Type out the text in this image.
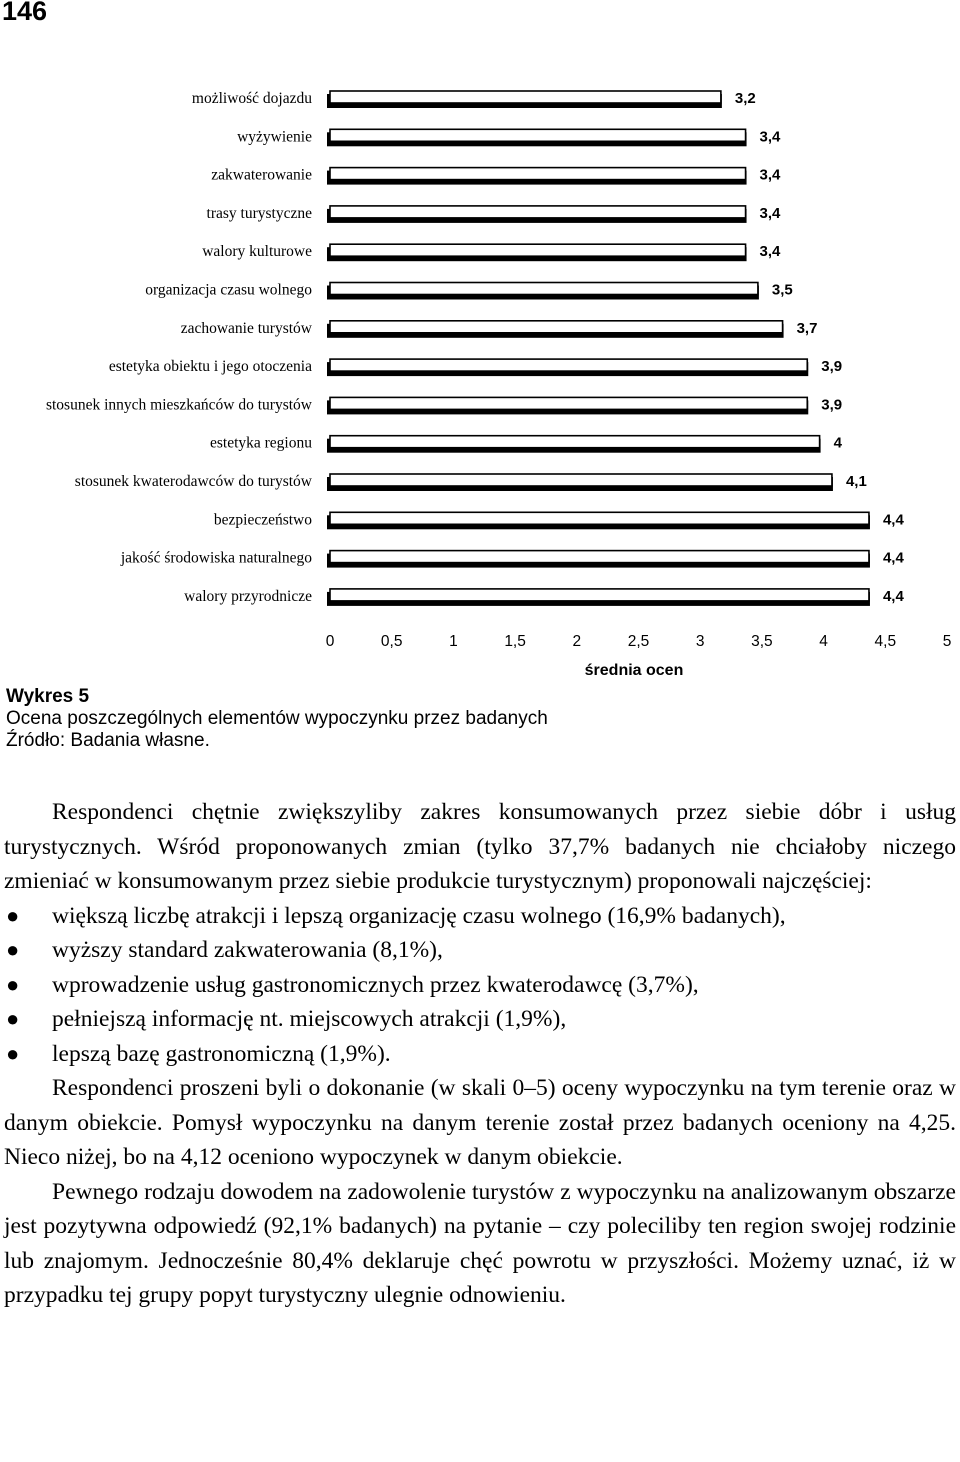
146
możliwość dojazdu
wyżywienie
zakwaterowanie
trasy turystyczne
walory kulturowe
organizacja czasu wolnego
zachowanie turystów
estetyka obiektu i jego otoczenia
stosunek innych mieszkańców do turystów
estetyka regionu
stosunek kwaterodawców do turystów
bezpieczeństwo
jakość środowiska naturalnego
walory przyrodnicze
3,2
3,4
3,4
3,4
3,4
3,5
3,7
3,9
3,9
4
4,1
4,4
4,4
4,4
0	0,5	1	1,5	2	2,5	3	3,5	4	4,5	5
średnia ocen
Wykres 5
Ocena poszczególnych elementów wypoczynku przez badanych
Źródło: Badania własne.

Respondenci chętnie zwiększyliby zakres konsumowanych przez siebie dóbr i usług turystycznych. Wśród proponowanych zmian (tylko 37,7% badanych nie chciałoby niczego zmieniać w konsumowanym przez siebie produkcie turystycznym) proponowali najczęściej:

● większą liczbę atrakcji i lepszą organizację czasu wolnego (16,9% badanych),
● wyższy standard zakwaterowania (8,1%),
● wprowadzenie usług gastronomicznych przez kwaterodawcę (3,7%),
● pełniejszą informację nt. miejscowych atrakcji (1,9%),
● lepszą bazę gastronomiczną (1,9%).

Respondenci proszeni byli o dokonanie (w skali 0–5) oceny wypoczynku na tym terenie oraz w danym obiekcie. Pomysł wypoczynku na danym terenie został przez badanych oceniony na 4,25. Nieco niżej, bo na 4,12 oceniono wypoczynek w danym obiekcie.

Pewnego rodzaju dowodem na zadowolenie turystów z wypoczynku na analizowanym obszarze jest pozytywna odpowiedź (92,1% badanych) na pytanie – czy poleciliby ten region swojej rodzinie lub znajomym. Jednocześnie 80,4% deklaruje chęć powrotu w przyszłości. Możemy uznać, iż w przypadku tej grupy popyt turystyczny ulegnie odnowieniu.
